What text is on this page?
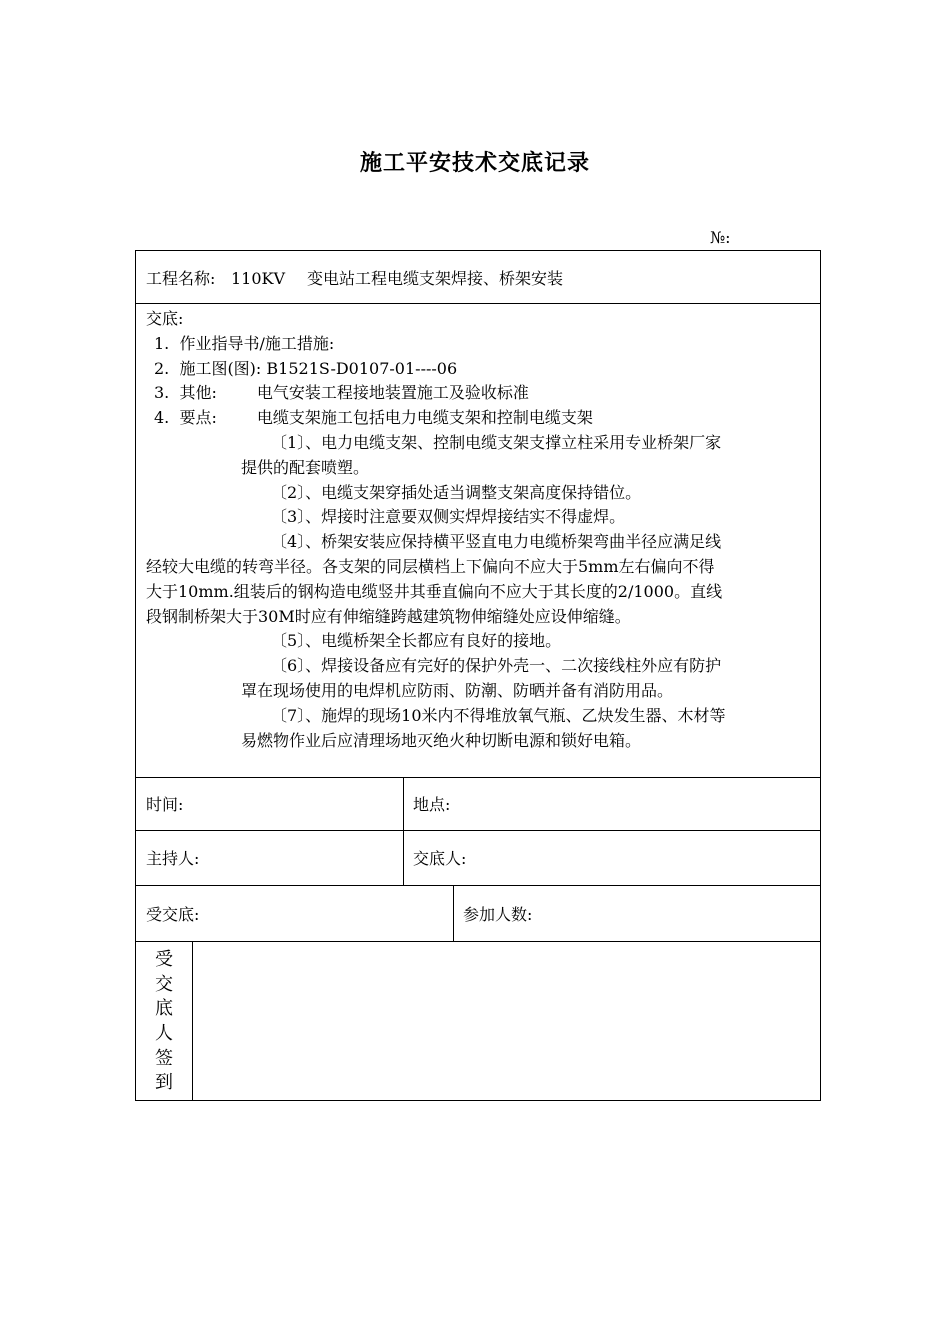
施工平安技术交底记录
№:
工程名称: 110KV 变电站工程电缆支架焊接、桥架安装
交底:
1. 作业指导书/施工措施:
2. 施工图(图): B1521S-D0107-01----06
3. 其他:	电气安装工程接地装置施工及验收标准
4. 要点:	电缆支架施工包括电力电缆支架和控制电缆支架
〔1〕、电力电缆支架、控制电缆支架支撑立柱采用专业桥架厂家
提供的配套喷塑。
〔2〕、电缆支架穿插处适当调整支架高度保持错位。
〔3〕、焊接时注意要双侧实焊焊接结实不得虚焊。
〔4〕、桥架安装应保持横平竖直电力电缆桥架弯曲半径应满足线
经较大电缆的转弯半径。各支架的同层横档上下偏向不应大于5mm左右偏向不得
大于10mm.组装后的钢构造电缆竖井其垂直偏向不应大于其长度的2/1000。直线
段钢制桥架大于30M时应有伸缩缝跨越建筑物伸缩缝处应设伸缩缝。
〔5〕、电缆桥架全长都应有良好的接地。
〔6〕、焊接设备应有完好的保护外壳一、二次接线柱外应有防护
罩在现场使用的电焊机应防雨、防潮、防晒并备有消防用品。
〔7〕、施焊的现场10米内不得堆放氧气瓶、乙炔发生器、木材等
易燃物作业后应清理场地灭绝火种切断电源和锁好电箱。
时间:	地点:
主持人:	交底人:
受交底:	参加人数:
受
交
底
人
签
到
